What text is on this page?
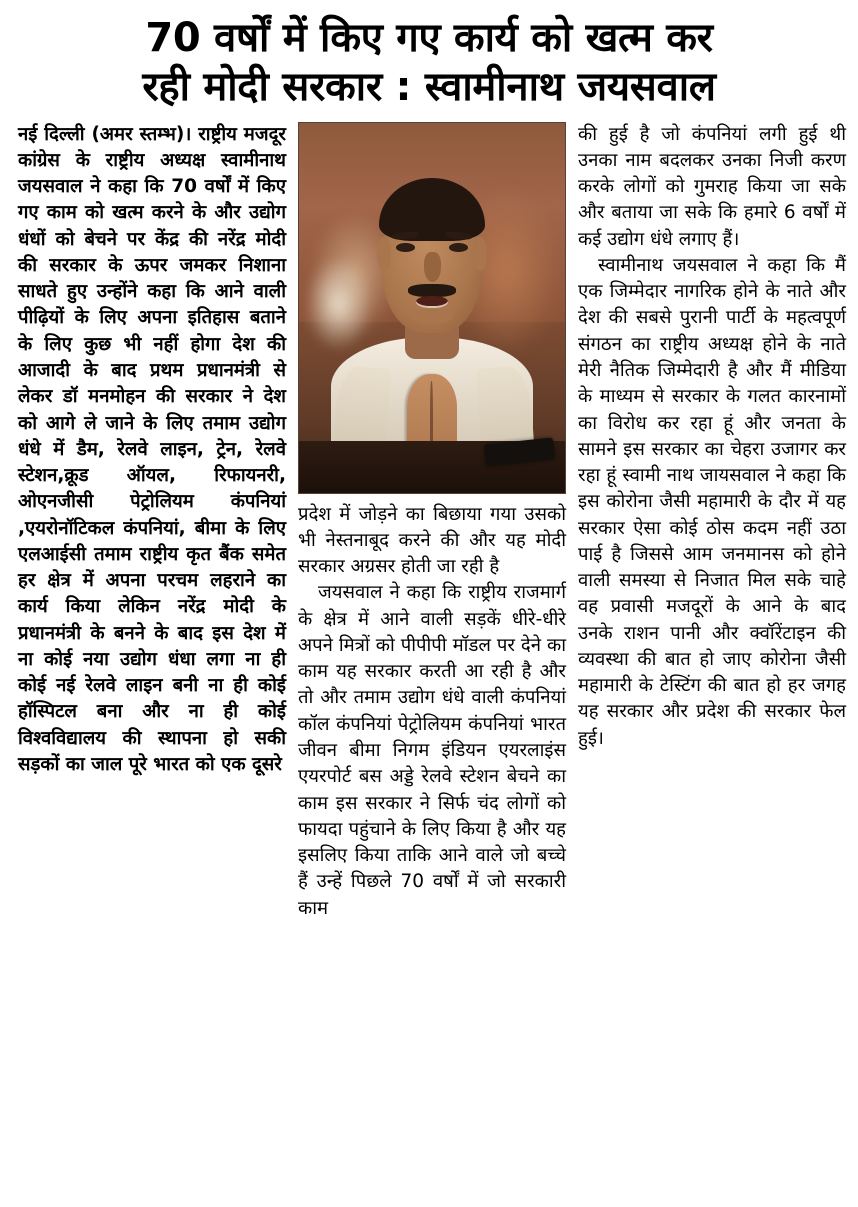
70 वर्षों में किए गए कार्य को खत्म कर
रही मोदी सरकार : स्वामीनाथ जयसवाल

नई दिल्ली (अमर स्तम्भ)। राष्ट्रीय मजदूर कांग्रेस के राष्ट्रीय अध्यक्ष स्वामीनाथ जयसवाल ने कहा कि 70 वर्षों में किए गए काम को खत्म करने के और उद्योग धंधों को बेचने पर केंद्र की नरेंद्र मोदी की सरकार के ऊपर जमकर निशाना साधते हुए उन्होंने कहा कि आने वाली पीढ़ियों के लिए अपना इतिहास बताने के लिए कुछ भी नहीं होगा देश की आजादी के बाद प्रथम प्रधानमंत्री से लेकर डॉ मनमोहन की सरकार ने देश को आगे ले जाने के लिए तमाम उद्योग धंधे में डैम, रेलवे लाइन, ट्रेन, रेलवे स्टेशन,क्रूड ऑयल, रिफायनरी, ओएनजीसी पेट्रोलियम क‍ंपनियां ,एयरोनॉटिकल कंपनियां, बीमा के लिए एलआईसी तमाम राष्ट्रीय कृत बैंक समेत हर क्षेत्र में अपना परचम लहराने का कार्य किया लेकिन नरेंद्र मोदी के प्रधानमंत्री के बनने के बाद इस देश में ना कोई नया उद्योग धंधा लगा ना ही कोई नई रेलवे लाइन बनी ना ही कोई हॉस्पिटल बना और ना ही कोई विश्वविद्यालय की स्थापना हो सकी सड़कों का जाल पूरे भारत को एक दूसरे

प्रदेश में जोड़ने का बिछाया गया उसको भी नेस्तनाबूद करने की और यह मोदी सरकार अग्रसर होती जा रही है

जयसवाल ने कहा कि राष्ट्रीय राजमार्ग के क्षेत्र में आने वाली सड़कें धीरे-धीरे अपने मित्रों को पीपीपी मॉडल पर देने का काम यह सरकार करती आ रही है और तो और तमाम उद्योग धंधे वाली कंपनियां कॉल कंपनियां पेट्रोलियम कंपनियां भारत जीवन बीमा निगम इंडियन एयरलाइंस एयरपोर्ट बस अड्डे रेलवे स्टेशन बेचने का काम इस सरकार ने सिर्फ चंद लोगों को फायदा पहुंचाने के लिए किया है और यह इसलिए किया ताकि आने वाले जो बच्चे हैं उन्हें पिछले 70 वर्षों में जो सरकारी काम

की हुई है जो कंपनियां लगी हुई थी उनका नाम बदलकर उनका निजी करण करके लोगों को गुमराह किया जा सके और बताया जा सके कि हमारे 6 वर्षों में कई उद्योग धंधे लगाए हैं।

स्वामीनाथ जयसवाल ने कहा कि मैं एक जिम्मेदार नागरिक होने के नाते और देश की सबसे पुरानी पार्टी के महत्वपूर्ण संगठन का राष्ट्रीय अध्यक्ष होने के नाते मेरी नैतिक जिम्मेदारी है और मैं मीडिया के माध्यम से सरकार के गलत कारनामों का विरोध कर रहा हूं और जनता के सामने इस सरकार का चेहरा उजागर कर रहा हूं स्वामी नाथ जायसवाल ने कहा कि इस कोरोना जैसी महामारी के दौर में यह सरकार ऐसा कोई ठोस कदम नहीं उठा पाई है जिससे आम जनमानस को होने वाली समस्या से निजात मिल सके चाहे वह प्रवासी मजदूरों के आने के बाद उनके राशन पानी और क्वॉरेंटाइन की व्यवस्था की बात हो जाए कोरोना जैसी महामारी के टेस्टिंग की बात हो हर जगह यह सरकार और प्रदेश की सरकार फेल हुई।
